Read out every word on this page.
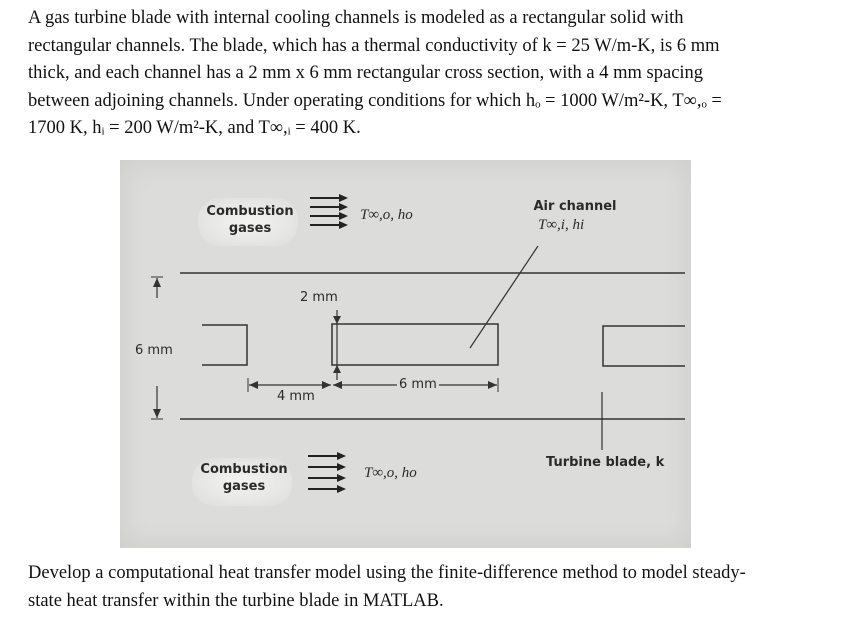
A gas turbine blade with internal cooling channels is modeled as a rectangular solid with
rectangular channels. The blade, which has a thermal conductivity of k = 25 W/m-K, is 6 mm
thick, and each channel has a 2 mm x 6 mm rectangular cross section, with a 4 mm spacing
between adjoining channels. Under operating conditions for which hₒ = 1000 W/m²-K, T∞,ₒ =
1700 K, hᵢ = 200 W/m²-K, and T∞,ᵢ = 400 K.

Combustion
gases
T∞,o, ho
Air channel
T∞,i, hi
2 mm
6 mm
4 mm
6 mm
Turbine blade, k
Combustion
gases
T∞,o, ho

Develop a computational heat transfer model using the finite-difference method to model steady-
state heat transfer within the turbine blade in MATLAB.
